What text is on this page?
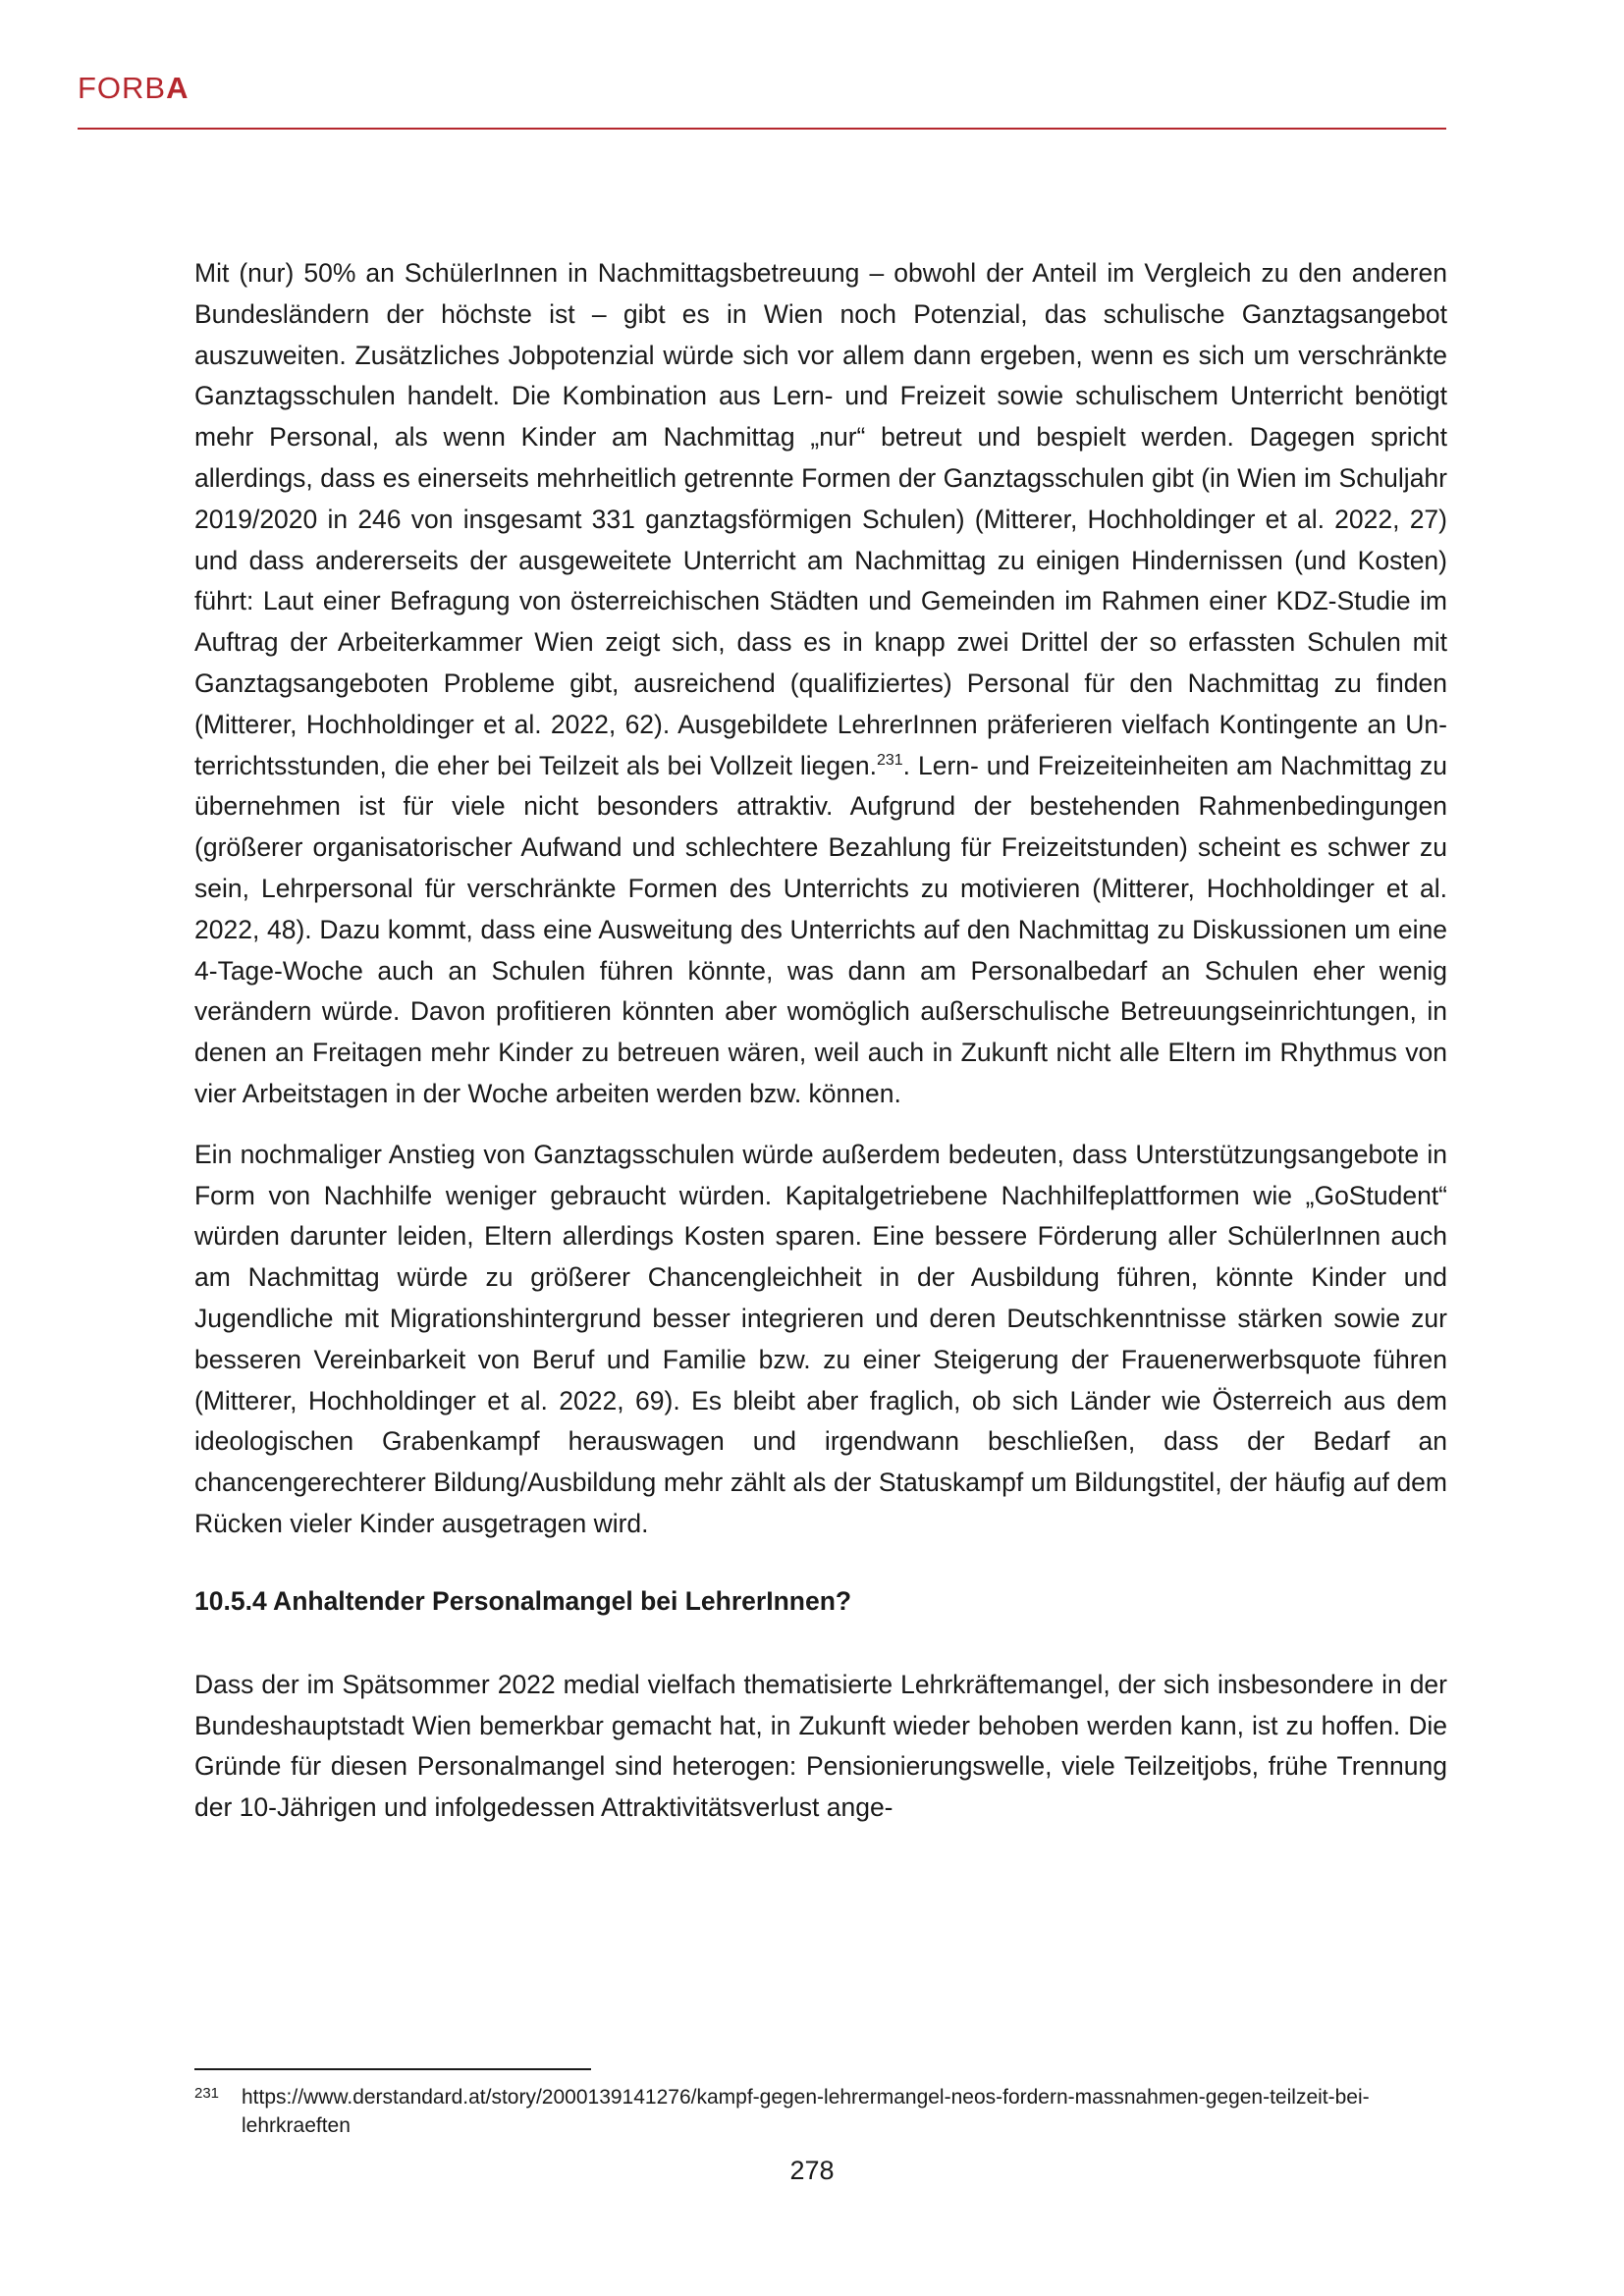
FORBA

Mit (nur) 50% an SchülerInnen in Nachmittagsbetreuung – obwohl der Anteil im Vergleich zu den anderen Bundesländern der höchste ist – gibt es in Wien noch Potenzial, das schulische Ganztagsangebot auszuweiten. Zusätzliches Jobpotenzial würde sich vor allem dann ergeben, wenn es sich um verschränkte Ganztagsschulen handelt. Die Kombination aus Lern- und Freizeit sowie schulischem Unterricht benötigt mehr Personal, als wenn Kinder am Nachmittag „nur“ betreut und bespielt werden. Dagegen spricht allerdings, dass es einerseits mehrheitlich getrennte Formen der Ganztagsschulen gibt (in Wien im Schuljahr 2019/2020 in 246 von insgesamt 331 ganztagsförmigen Schulen) (Mitterer, Hochholdinger et al. 2022, 27) und dass andererseits der ausgeweitete Unterricht am Nachmittag zu einigen Hindernissen (und Kosten) führt: Laut einer Befragung von österreichischen Städten und Gemeinden im Rahmen einer KDZ-Studie im Auftrag der Arbeiterkammer Wien zeigt sich, dass es in knapp zwei Drittel der so erfassten Schulen mit Ganztagsangeboten Probleme gibt, ausreichend (qualifiziertes) Personal für den Nachmittag zu finden (Mitterer, Hochholdinger et al. 2022, 62). Ausgebildete LehrerInnen präferieren vielfach Kontingente an Unterrichtsstunden, die eher bei Teilzeit als bei Vollzeit liegen.$^{231}$. Lern- und Freizeiteinheiten am Nachmittag zu übernehmen ist für viele nicht besonders attraktiv. Aufgrund der bestehenden Rahmenbedingungen (größerer organisatorischer Aufwand und schlechtere Bezahlung für Freizeitstunden) scheint es schwer zu sein, Lehrpersonal für verschränkte Formen des Unterrichts zu motivieren (Mitterer, Hochholdinger et al. 2022, 48). Dazu kommt, dass eine Ausweitung des Unterrichts auf den Nachmittag zu Diskussionen um eine 4-Tage-Woche auch an Schulen führen könnte, was dann am Personalbedarf an Schulen eher wenig verändern würde. Davon profitieren könnten aber womöglich außerschulische Betreuungseinrichtungen, in denen an Freitagen mehr Kinder zu betreuen wären, weil auch in Zukunft nicht alle Eltern im Rhythmus von vier Arbeitstagen in der Woche arbeiten werden bzw. können.

Ein nochmaliger Anstieg von Ganztagsschulen würde außerdem bedeuten, dass Unterstützungsangebote in Form von Nachhilfe weniger gebraucht würden. Kapitalgetriebene Nachhilfeplattformen wie „GoStudent“ würden darunter leiden, Eltern allerdings Kosten sparen. Eine bessere Förderung aller SchülerInnen auch am Nachmittag würde zu größerer Chancengleichheit in der Ausbildung führen, könnte Kinder und Jugendliche mit Migrationshintergrund besser integrieren und deren Deutschkenntnisse stärken sowie zur besseren Vereinbarkeit von Beruf und Familie bzw. zu einer Steigerung der Frauenerwerbsquote führen (Mitterer, Hochholdinger et al. 2022, 69). Es bleibt aber fraglich, ob sich Länder wie Österreich aus dem ideologischen Grabenkampf herauswagen und irgendwann beschließen, dass der Bedarf an chancengerechterer Bildung/Ausbildung mehr zählt als der Statuskampf um Bildungstitel, der häufig auf dem Rücken vieler Kinder ausgetragen wird.

10.5.4 Anhaltender Personalmangel bei LehrerInnen?

Dass der im Spätsommer 2022 medial vielfach thematisierte Lehrkräftemangel, der sich insbesondere in der Bundeshauptstadt Wien bemerkbar gemacht hat, in Zukunft wieder behoben werden kann, ist zu hoffen. Die Gründe für diesen Personalmangel sind heterogen: Pensionierungswelle, viele Teilzeitjobs, frühe Trennung der 10-Jährigen und infolgedessen Attraktivitätsverlust ange-

231	https://www.derstandard.at/story/2000139141276/kampf-gegen-lehrermangel-neos-fordern-massnahmen-gegen-teilzeit-bei-lehrkraeften
278
